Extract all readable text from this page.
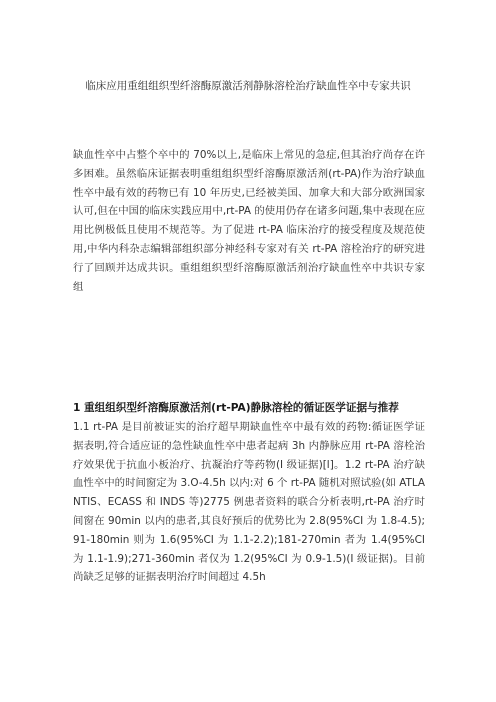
临床应用重组组织型纤溶酶原激活剂静脉溶栓治疗缺血性卒中专家共识
缺血性卒中占整个卒中的 70%以上,是临床上常见的急症,但其治疗尚存在许多困难。虽然临床证据表明重组组织型纤溶酶原激活剂(rt-PA)作为治疗缺血性卒中最有效的药物已有 10 年历史,已经被美国、加拿大和大部分欧洲国家认可,但在中国的临床实践应用中,rt-PA 的使用仍存在诸多问题,集中表现在应用比例极低且使用不规范等。为了促进 rt-PA 临床治疗的接受程度及规范使用,中华内科杂志编辑部组织部分神经科专家对有关 rt-PA 溶栓治疗的研究进行了回顾并达成共识。重组组织型纤溶酶原激活剂治疗缺血性卒中共识专家组
1 重组组织型纤溶酶原激活剂(rt-PA)静脉溶栓的循证医学证据与推荐
1.1 rt-PA 是目前被证实的治疗超早期缺血性卒中最有效的药物:循证医学证据表明,符合适应证的急性缺血性卒中患者起病 3h 内静脉应用 rt-PA 溶栓治疗效果优于抗血小板治疗、抗凝治疗等药物(I 级证据)[l]。1.2 rt-PA 治疗缺血性卒中的时间窗定为 3.O-4.5h 以内:对 6 个 rt-PA 随机对照试验(如 ATLANTIS、ECASS 和 INDS 等)2775 例患者资料的联合分析表明,rt-PA 治疗时间窗在 90min 以内的患者,其良好预后的优势比为 2.8(95%CI 为 1.8-4.5);91-180min 则为 1.6(95%CI 为 1.1-2.2);181-270min 者为 1.4(95%CI 为 1.1-1.9);271-360min 者仅为 1.2(95%CI 为 0.9-1.5)(I 级证据)。目前尚缺乏足够的证据表明治疗时间超过 4.5h
